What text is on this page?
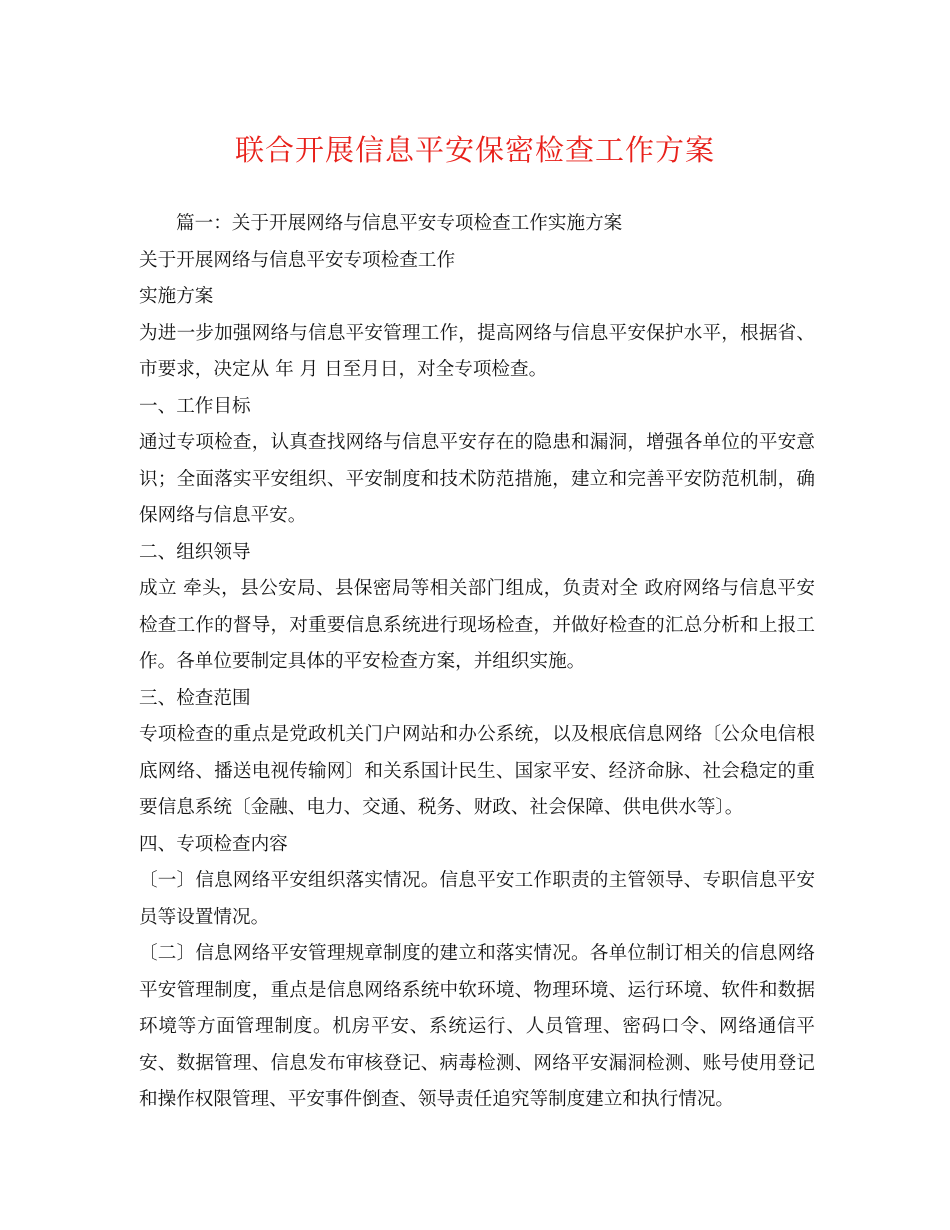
联合开展信息平安保密检查工作方案

篇一：关于开展网络与信息平安专项检查工作实施方案

关于开展网络与信息平安专项检查工作

实施方案

为进一步加强网络与信息平安管理工作，提高网络与信息平安保护水平，根据省、市要求，决定从 年 月 日至月日，对全专项检查。

一、工作目标

通过专项检查，认真查找网络与信息平安存在的隐患和漏洞，增强各单位的平安意识；全面落实平安组织、平安制度和技术防范措施，建立和完善平安防范机制，确保网络与信息平安。

二、组织领导

成立 牵头，县公安局、县保密局等相关部门组成，负责对全 政府网络与信息平安检查工作的督导，对重要信息系统进行现场检查，并做好检查的汇总分析和上报工作。各单位要制定具体的平安检查方案，并组织实施。

三、检查范围

专项检查的重点是党政机关门户网站和办公系统，以及根底信息网络〔公众电信根底网络、播送电视传输网〕和关系国计民生、国家平安、经济命脉、社会稳定的重要信息系统〔金融、电力、交通、税务、财政、社会保障、供电供水等〕。

四、专项检查内容

〔一〕信息网络平安组织落实情况。信息平安工作职责的主管领导、专职信息平安员等设置情况。

〔二〕信息网络平安管理规章制度的建立和落实情况。各单位制订相关的信息网络平安管理制度，重点是信息网络系统中软环境、物理环境、运行环境、软件和数据环境等方面管理制度。机房平安、系统运行、人员管理、密码口令、网络通信平安、数据管理、信息发布审核登记、病毒检测、网络平安漏洞检测、账号使用登记和操作权限管理、平安事件倒查、领导责任追究等制度建立和执行情况。
